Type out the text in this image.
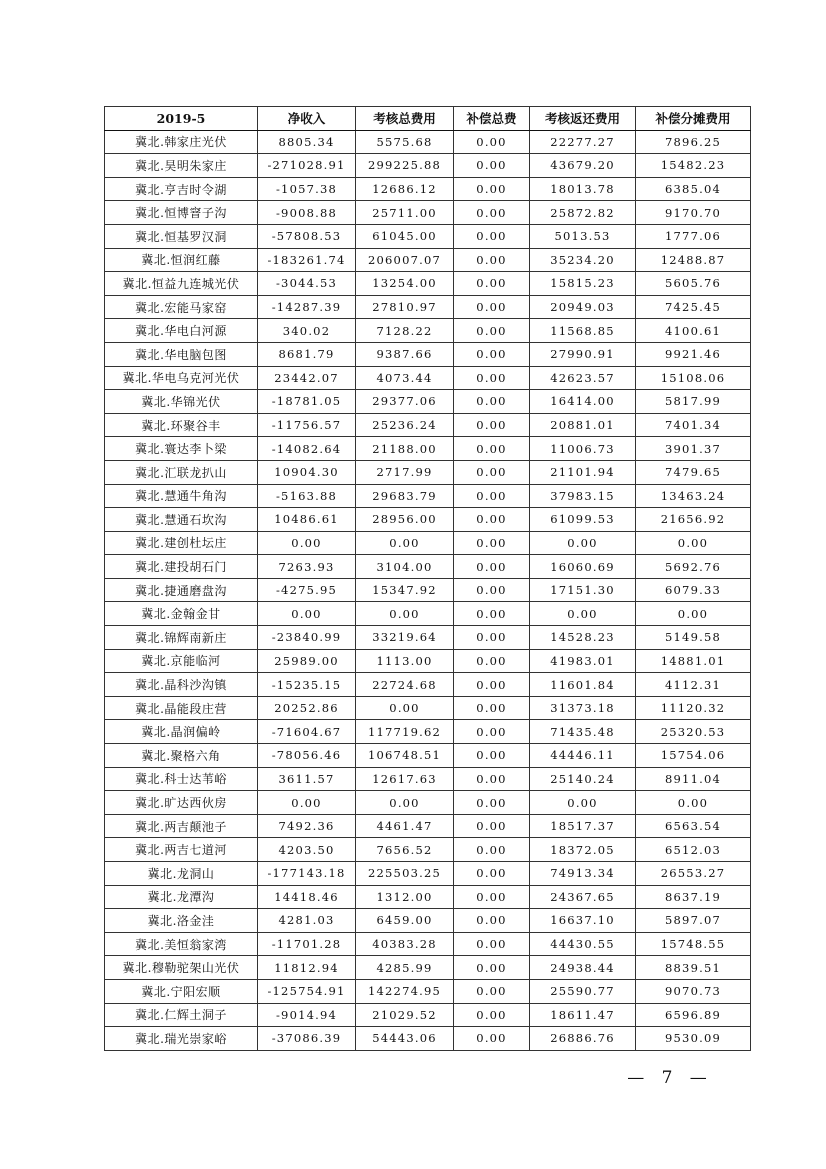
2019-5	净收入	考核总费用	补偿总费	考核返还费用	补偿分摊费用
冀北.韩家庄光伏	8805.34	5575.68	0.00	22277.27	7896.25
冀北.昊明朱家庄	-271028.91	299225.88	0.00	43679.20	15482.23
冀北.亨吉时令湖	-1057.38	12686.12	0.00	18013.78	6385.04
冀北.恒博窨子沟	-9008.88	25711.00	0.00	25872.82	9170.70
冀北.恒基罗汉洞	-57808.53	61045.00	0.00	5013.53	1777.06
冀北.恒润红藤	-183261.74	206007.07	0.00	35234.20	12488.87
冀北.恒益九连城光伏	-3044.53	13254.00	0.00	15815.23	5605.76
冀北.宏能马家窑	-14287.39	27810.97	0.00	20949.03	7425.45
冀北.华电白河源	340.02	7128.22	0.00	11568.85	4100.61
冀北.华电脑包图	8681.79	9387.66	0.00	27990.91	9921.46
冀北.华电乌克河光伏	23442.07	4073.44	0.00	42623.57	15108.06
冀北.华锦光伏	-18781.05	29377.06	0.00	16414.00	5817.99
冀北.环聚谷丰	-11756.57	25236.24	0.00	20881.01	7401.34
冀北.寰达李卜梁	-14082.64	21188.00	0.00	11006.73	3901.37
冀北.汇联龙扒山	10904.30	2717.99	0.00	21101.94	7479.65
冀北.慧通牛角沟	-5163.88	29683.79	0.00	37983.15	13463.24
冀北.慧通石坎沟	10486.61	28956.00	0.00	61099.53	21656.92
冀北.建创杜坛庄	0.00	0.00	0.00	0.00	0.00
冀北.建投胡石门	7263.93	3104.00	0.00	16060.69	5692.76
冀北.捷通磨盘沟	-4275.95	15347.92	0.00	17151.30	6079.33
冀北.金翰金甘	0.00	0.00	0.00	0.00	0.00
冀北.锦辉南新庄	-23840.99	33219.64	0.00	14528.23	5149.58
冀北.京能临河	25989.00	1113.00	0.00	41983.01	14881.01
冀北.晶科沙沟镇	-15235.15	22724.68	0.00	11601.84	4112.31
冀北.晶能段庄营	20252.86	0.00	0.00	31373.18	11120.32
冀北.晶润偏岭	-71604.67	117719.62	0.00	71435.48	25320.53
冀北.聚格六角	-78056.46	106748.51	0.00	44446.11	15754.06
冀北.科士达苇峪	3611.57	12617.63	0.00	25140.24	8911.04
冀北.旷达西伙房	0.00	0.00	0.00	0.00	0.00
冀北.两吉颠池子	7492.36	4461.47	0.00	18517.37	6563.54
冀北.两吉七道河	4203.50	7656.52	0.00	18372.05	6512.03
冀北.龙洞山	-177143.18	225503.25	0.00	74913.34	26553.27
冀北.龙潭沟	14418.46	1312.00	0.00	24367.65	8637.19
冀北.洛金洼	4281.03	6459.00	0.00	16637.10	5897.07
冀北.美恒翁家湾	-11701.28	40383.28	0.00	44430.55	15748.55
冀北.穆勒驼架山光伏	11812.94	4285.99	0.00	24938.44	8839.51
冀北.宁阳宏顺	-125754.91	142274.95	0.00	25590.77	9070.73
冀北.仁辉土洞子	-9014.94	21029.52	0.00	18611.47	6596.89
冀北.瑞光崇家峪	-37086.39	54443.06	0.00	26886.76	9530.09
— 7 —
